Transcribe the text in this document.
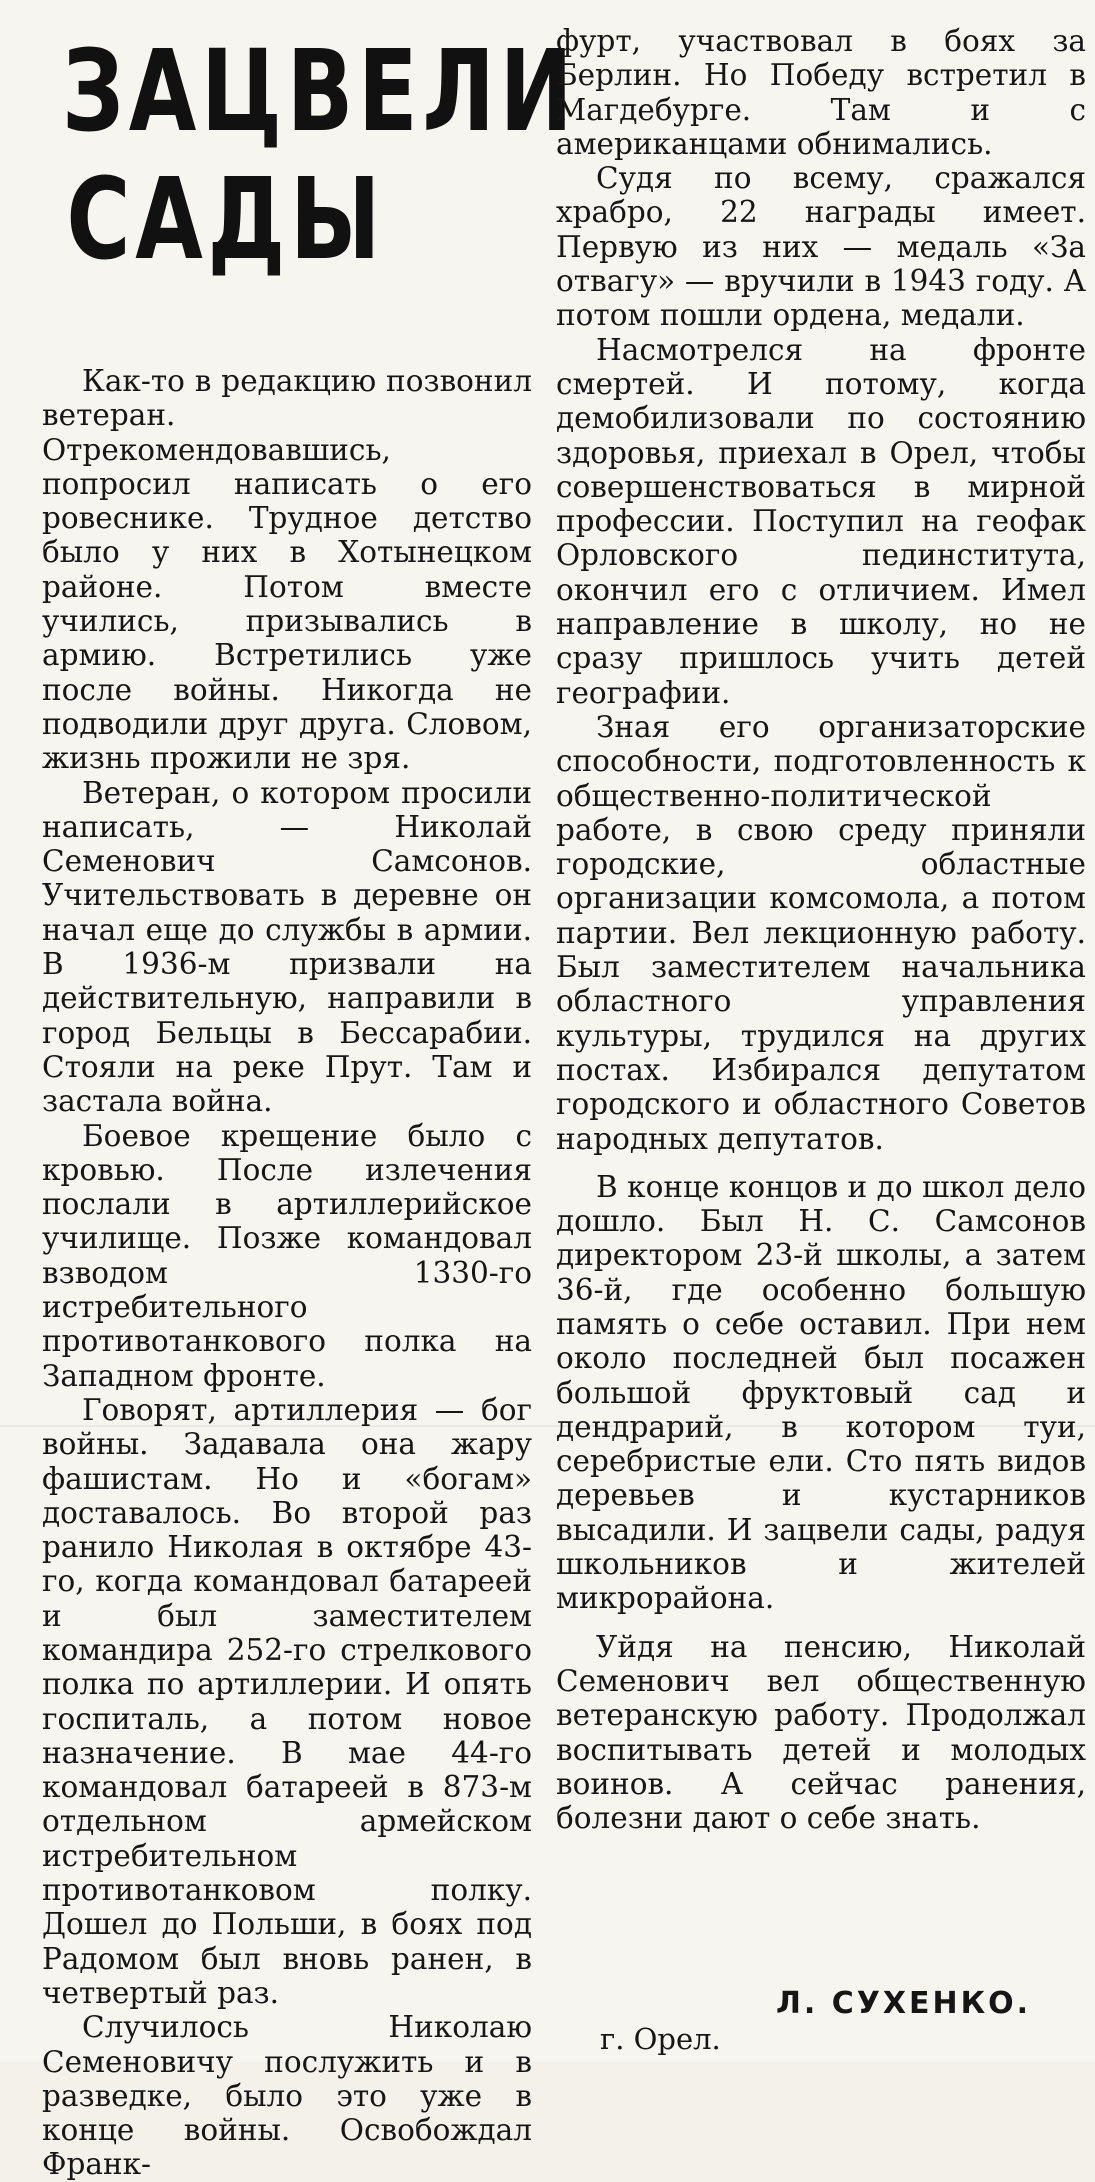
ЗАЦВЕЛИ
САДЫ

Как-то в редакцию позвонил ветеран. Отрекомендовавшись, попросил написать о его ровеснике. Трудное детство было у них в Хотынецком районе. Потом вместе учились, призывались в армию. Встретились уже после войны. Никогда не подводили друг друга. Словом, жизнь прожили не зря.

Ветеран, о котором просили написать, — Николай Семенович Самсонов. Учительствовать в деревне он начал еще до службы в армии. В 1936-м призвали на действительную, направили в город Бельцы в Бессарабии. Стояли на реке Прут. Там и застала война.

Боевое крещение было с кровью. После излечения послали в артиллерийское училище. Позже командовал взводом 1330-го истребительного противотанкового полка на Западном фронте.

Говорят, артиллерия — бог войны. Задавала она жару фашистам. Но и «богам» доставалось. Во второй раз ранило Николая в октябре 43-го, когда командовал батареей и был заместителем командира 252-го стрелкового полка по артиллерии. И опять госпиталь, а потом новое назначение. В мае 44-го командовал батареей в 873-м отдельном армейском истребительном противотанковом полку. Дошел до Польши, в боях под Радомом был вновь ранен, в четвертый раз.

Случилось Николаю Семеновичу послужить и в разведке, было это уже в конце войны. Освобождал Франк-

фурт, участвовал в боях за Берлин. Но Победу встретил в Магдебурге. Там и с американцами обнимались.

Судя по всему, сражался храбро, 22 награды имеет. Первую из них — медаль «За отвагу» — вручили в 1943 году. А потом пошли ордена, медали.

Насмотрелся на фронте смертей. И потому, когда демобилизовали по состоянию здоровья, приехал в Орел, чтобы совершенствоваться в мирной профессии. Поступил на геофак Орловского пединститута, окончил его с отличием. Имел направление в школу, но не сразу пришлось учить детей географии.

Зная его организаторские способности, подготовленность к общественно-политической работе, в свою среду приняли городские, областные организации комсомола, а потом партии. Вел лекционную работу. Был заместителем начальника областного управления культуры, трудился на других постах. Избирался депутатом городского и областного Советов народных депутатов.

В конце концов и до школ дело дошло. Был Н. С. Самсонов директором 23-й школы, а затем 36-й, где особенно большую память о себе оставил. При нем около последней был посажен большой фруктовый сад и дендрарий, в котором туи, серебристые ели. Сто пять видов деревьев и кустарников высадили. И зацвели сады, радуя школьников и жителей микрорайона.

Уйдя на пенсию, Николай Семенович вел общественную ветеранскую работу. Продолжал воспитывать детей и молодых воинов. А сейчас ранения, болезни дают о себе знать.

Л. СУХЕНКО.
г. Орел.
